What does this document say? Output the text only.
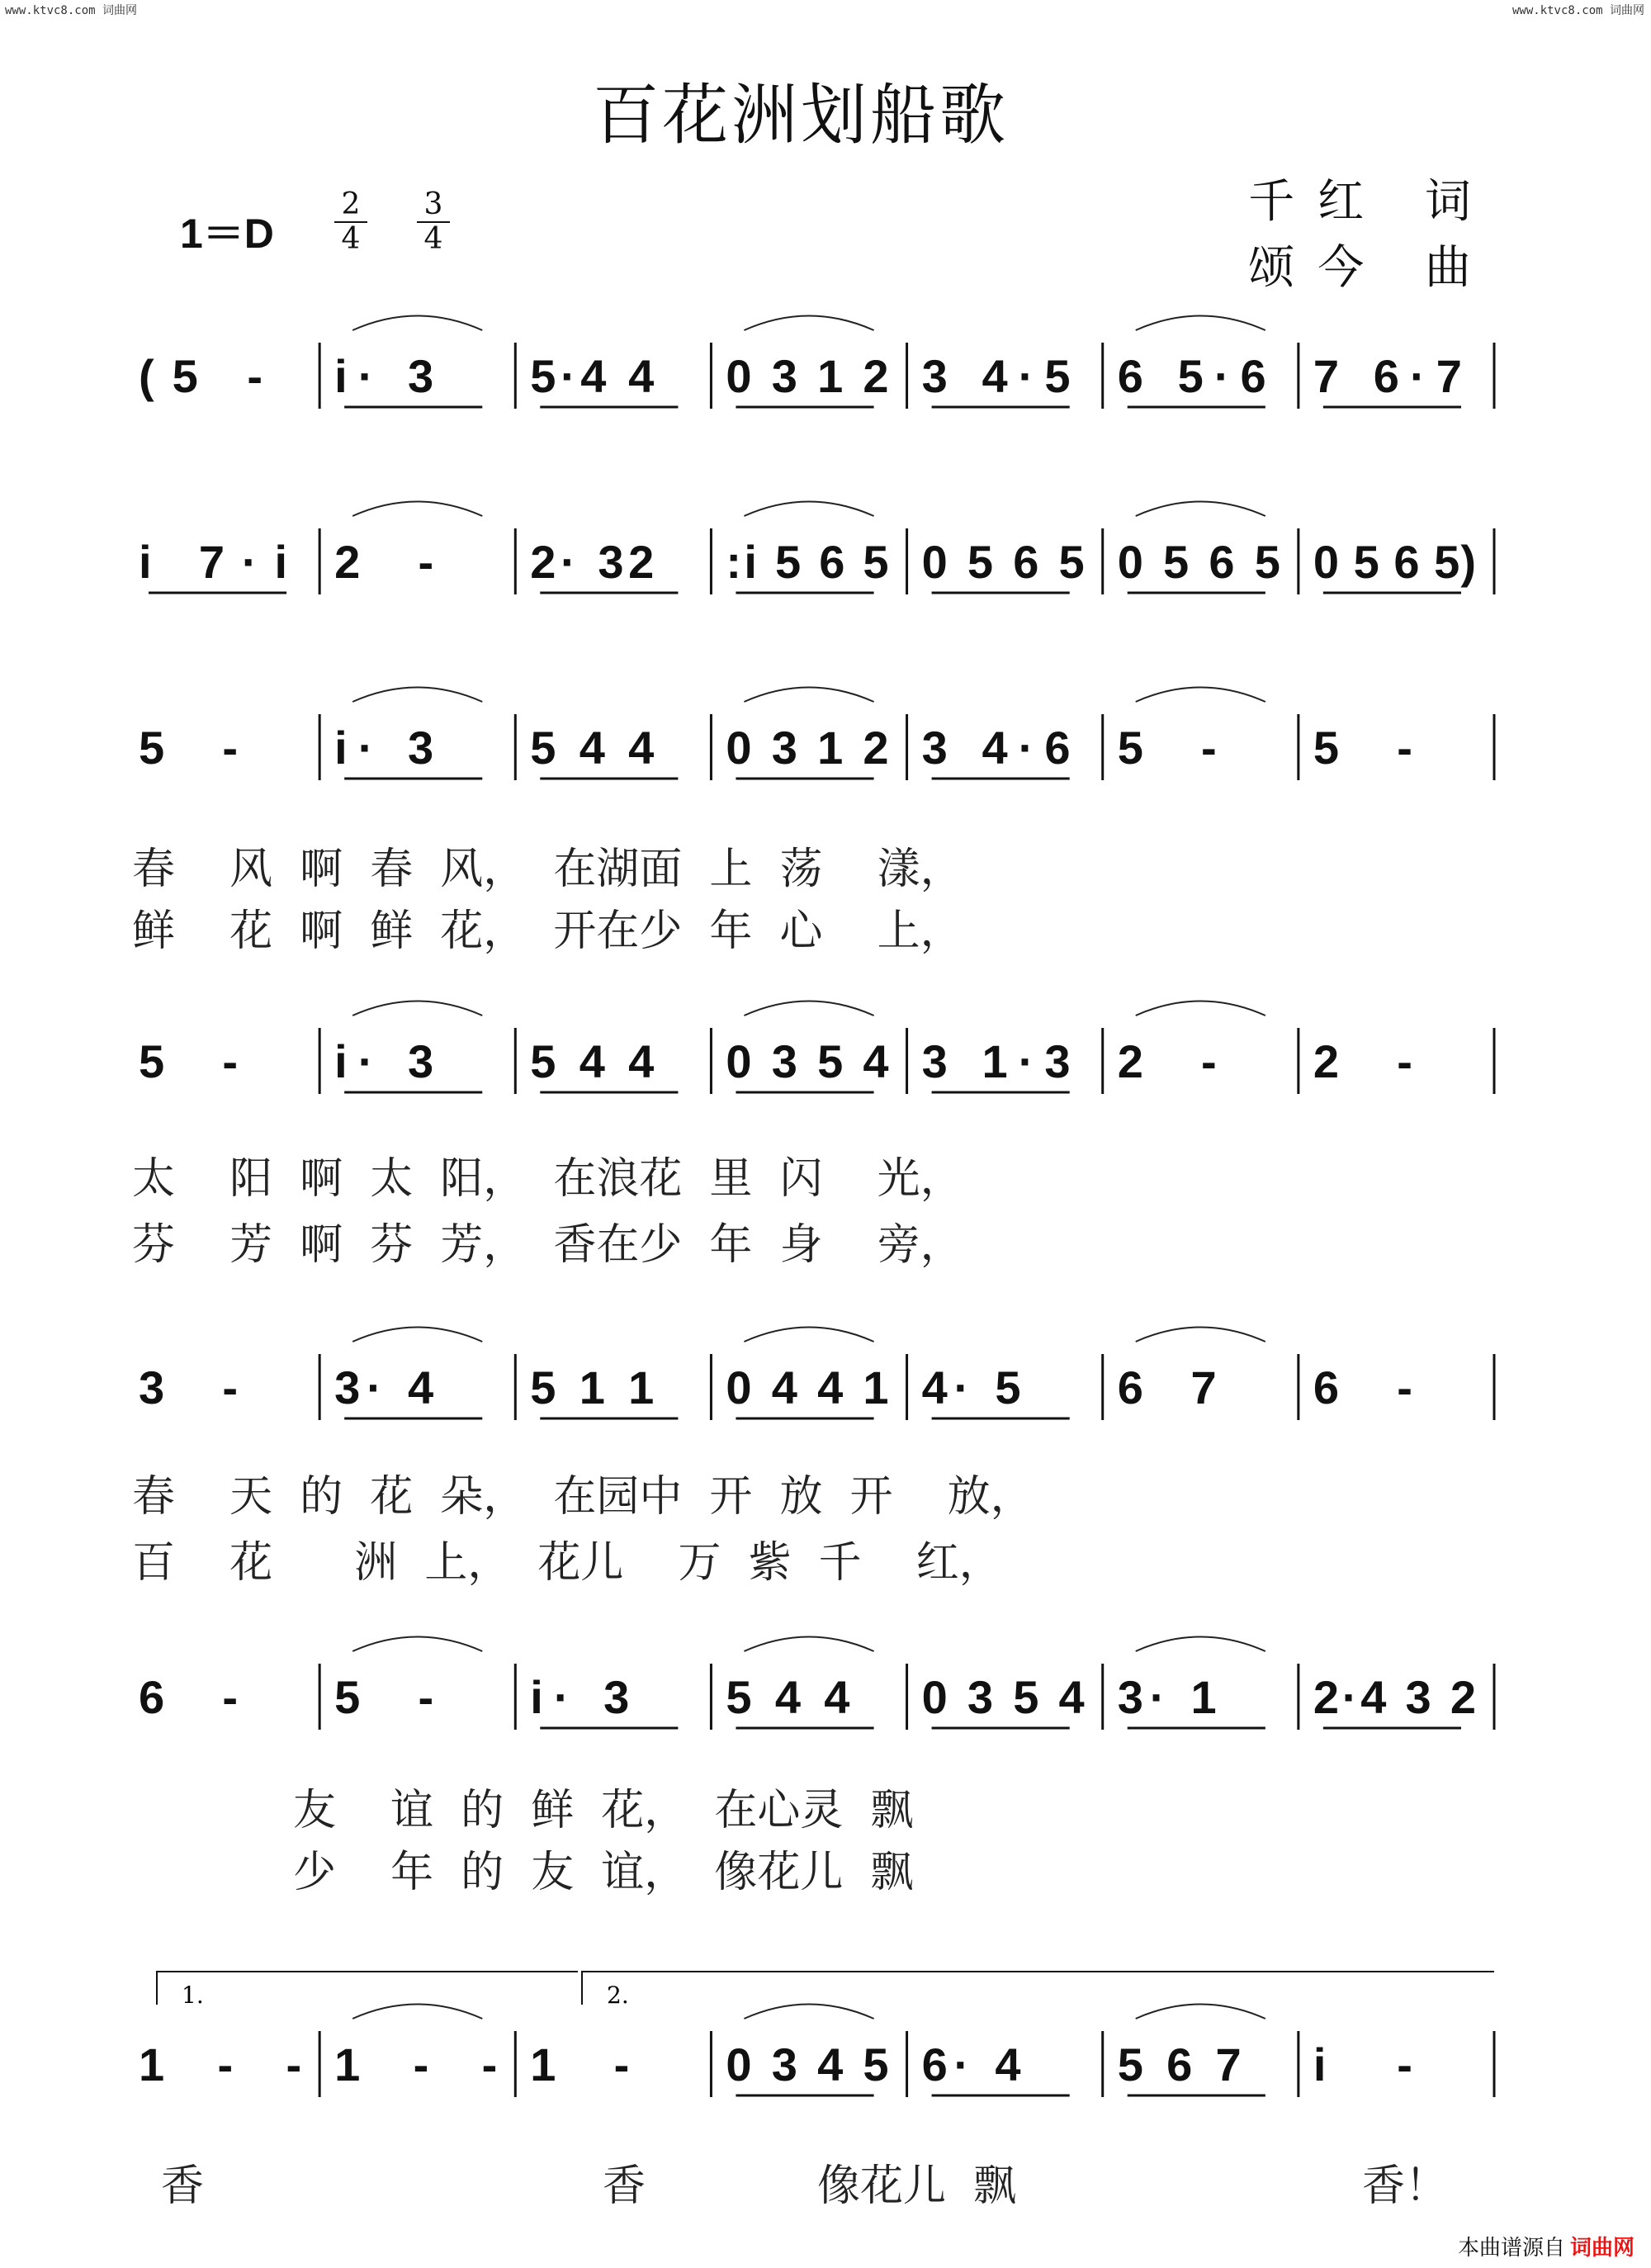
www.ktvc8.com 词曲网	www.ktvc8.com 词曲网
百花洲划船歌
$1=D \frac{2}{4} \frac{3}{4}$	千红 词
颂今 曲
(5 - i· 3 5·4 4 0 3 1 2 3 4·5 6 5·6 7 6·7
i 7·i 2 - 2· 32 :i 5 6 5 0 5 6 5 0 5 6 5 0 5 6 5)
5 - i· 3 5 4 4 0 3 1 2 3 4·6 5 - 5 -
5 - i· 3 5 4 4 0 3 5 4 3 1·3 2 - 2 -
3 - 3· 4 5 1 1 0 4 4 1 4· 5 6 7 6 -
6 - 5 - i· 3 5 4 4 0 3 5 4 3· 1 2·4 3 2
1 - - 1 - - 1 - 0 3 4 5 6· 4 5 6 7 i -
1.	2.
春    风  啊  春  风，  在湖面  上  荡    漾，
鲜    花  啊  鲜  花，  开在少  年  心    上，
太    阳  啊  太  阳，  在浪花  里  闪    光，
芬    芳  啊  芬  芳，  香在少  年  身    旁，
春    天  的  花  朵，  在园中  开  放  开    放，
百    花      洲  上，  花儿    万  紫  千    红，
友    谊  的  鲜  花，  在心灵  飘
少    年  的  友  谊，  像花儿  飘
香	香	像花儿  飘	香！
本曲谱源自 词曲网
